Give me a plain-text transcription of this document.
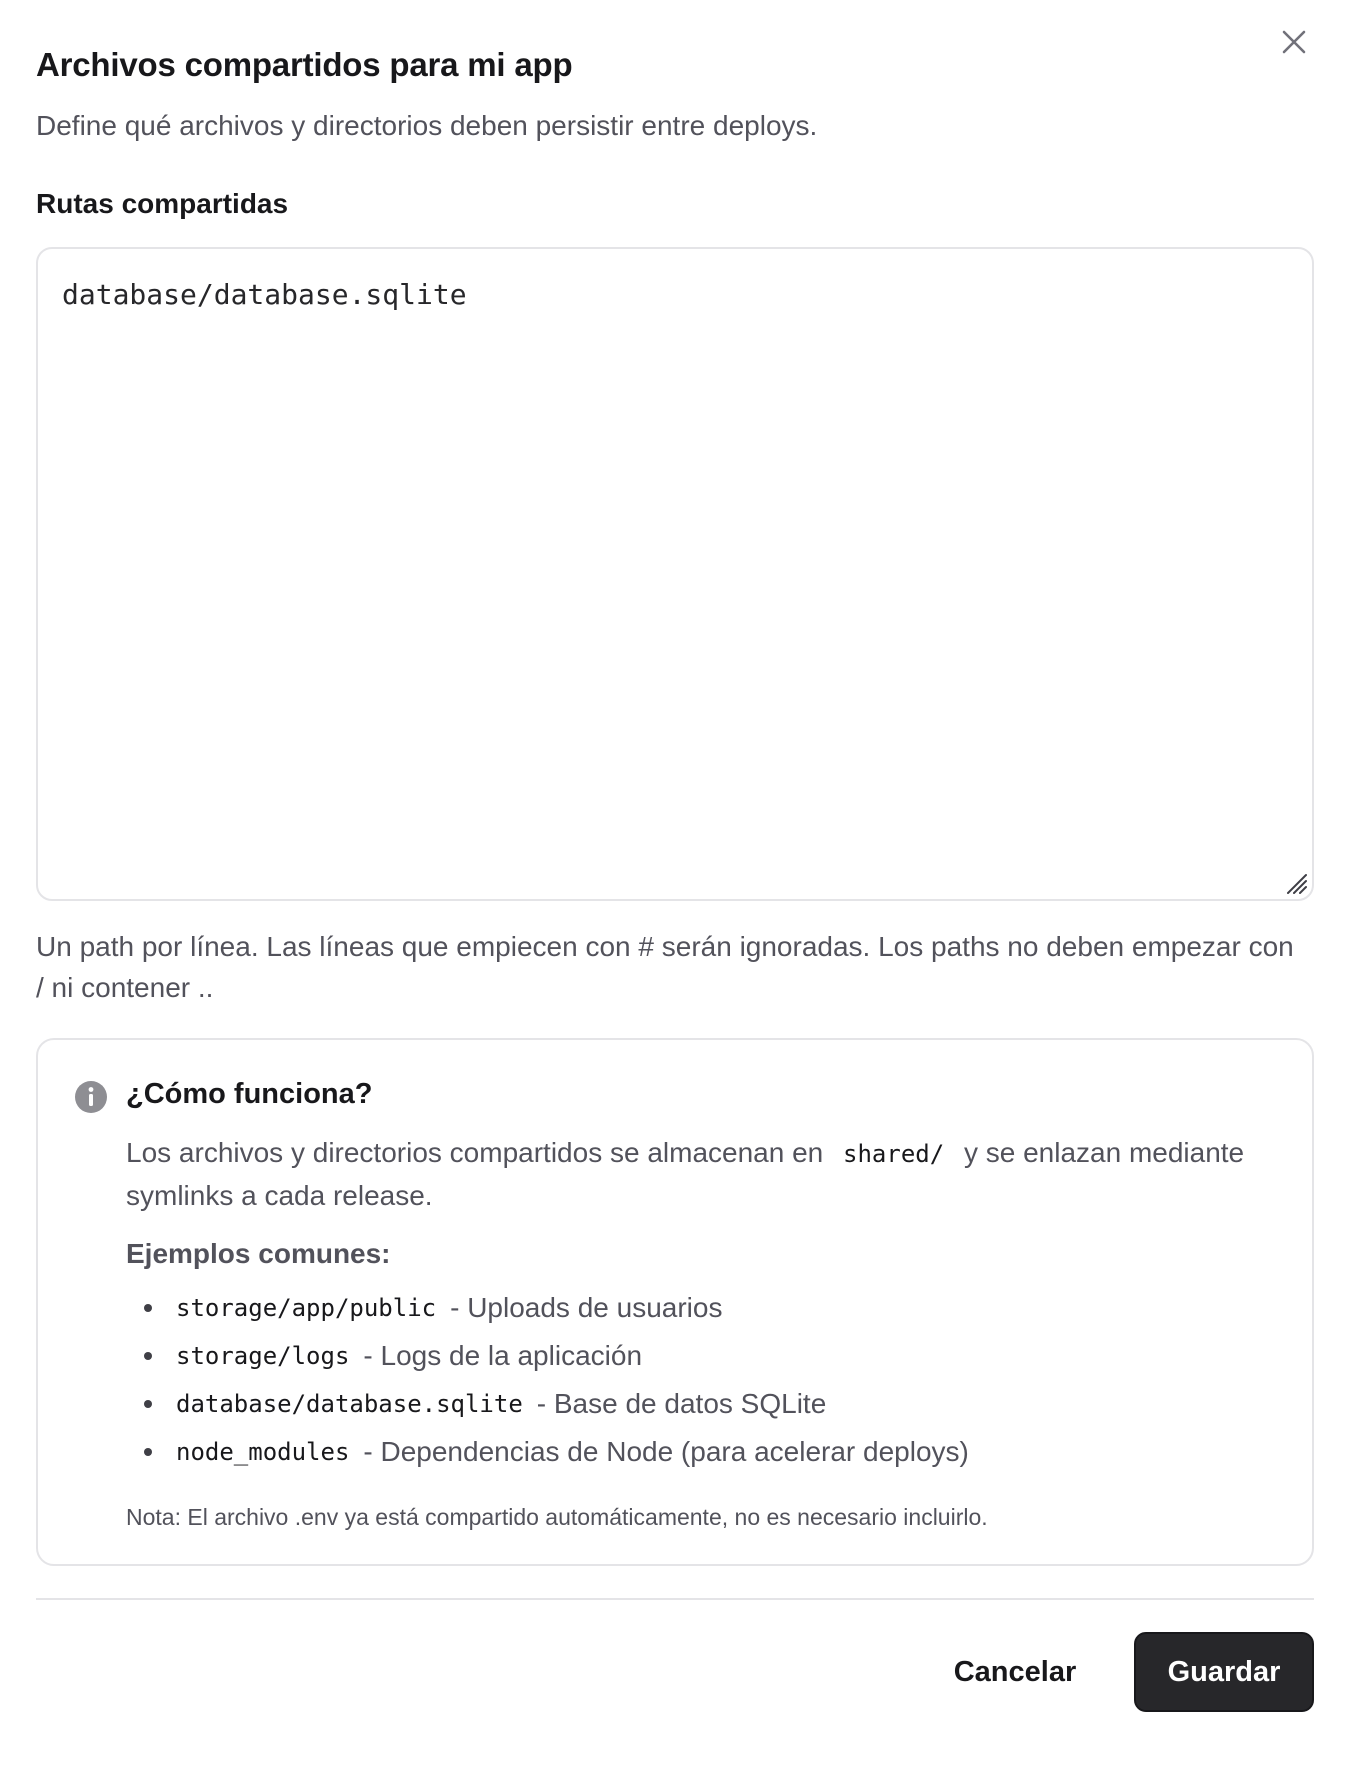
Archivos compartidos para mi app

Define qué archivos y directorios deben persistir entre deploys.

Rutas compartidas
database/database.sqlite

Un path por línea. Las líneas que empiecen con # serán ignoradas. Los paths no deben empezar con / ni contener ..

¿Cómo funciona?

Los archivos y directorios compartidos se almacenan en shared/ y se enlazan mediante symlinks a cada release.

Ejemplos comunes:
storage/app/public - Uploads de usuarios
storage/logs - Logs de la aplicación
database/database.sqlite - Base de datos SQLite
node_modules - Dependencias de Node (para acelerar deploys)

Nota: El archivo .env ya está compartido automáticamente, no es necesario incluirlo.

Cancelar	Guardar
